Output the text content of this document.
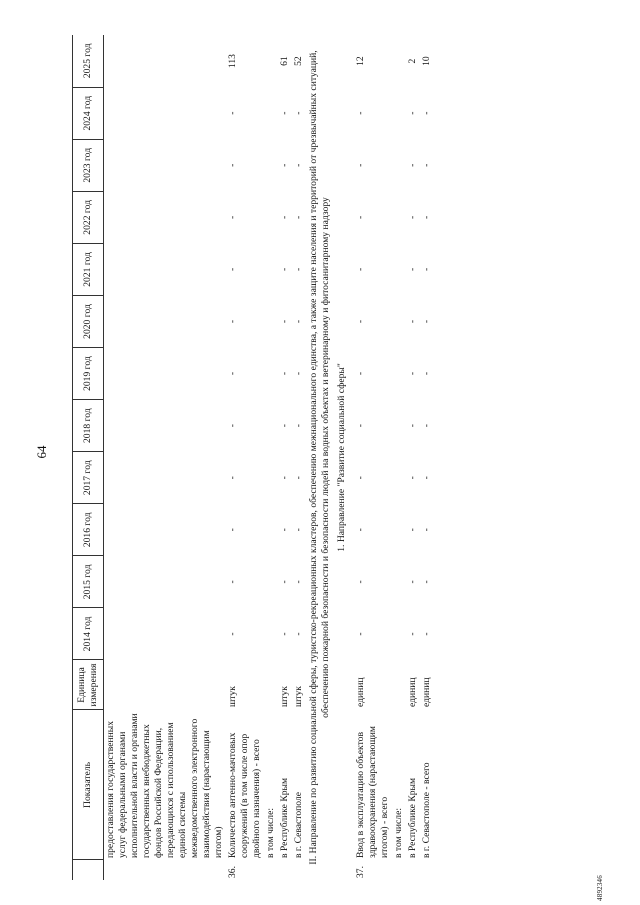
64
4892346
	Показатель	Единица измерения	2014 год	2015 год	2016 год	2017 год	2018 год	2019 год	2020 год	2021 год	2022 год	2023 год	2024 год	2025 год
	предоставления государственных услуг федеральными органами исполнительной власти и органами государственных внебюджетных фондов Российской Федерации, передающихся с использованием единой системы межведомственного электронного взаимодействия (нарастающим итогом)													
36.	Количество антенно-мачтовых сооружений (в том числе опор двойного назначения) - всего	штук	-	-	-	-	-	-	-	-	-	-	-	113
	в том числе:													
	в Республике Крым	штук	-	-	-	-	-	-	-	-	-	-	-	61
	в г. Севастополе	штук	-	-	-	-	-	-	-	-	-	-	-	52
II. Направление по развитию социальной сферы, туристско-рекреационных кластеров, обеспечению межнационального единства, а также защите населения и территорий от чрезвычайных ситуаций, обеспечению пожарной безопасности и безопасности людей на водных объектах и ветеринарному и фитосанитарному надзору														
1. Направление "Развитие социальной сферы"														
37.	Ввод в эксплуатацию объектов здравоохранения (нарастающим итогом) - всего	единиц	-	-	-	-	-	-	-	-	-	-	-	12
	в том числе:													
	в Республике Крым	единиц	-	-	-	-	-	-	-	-	-	-	-	2
	в г. Севастополе - всего	единиц	-	-	-	-	-	-	-	-	-	-	-	10
